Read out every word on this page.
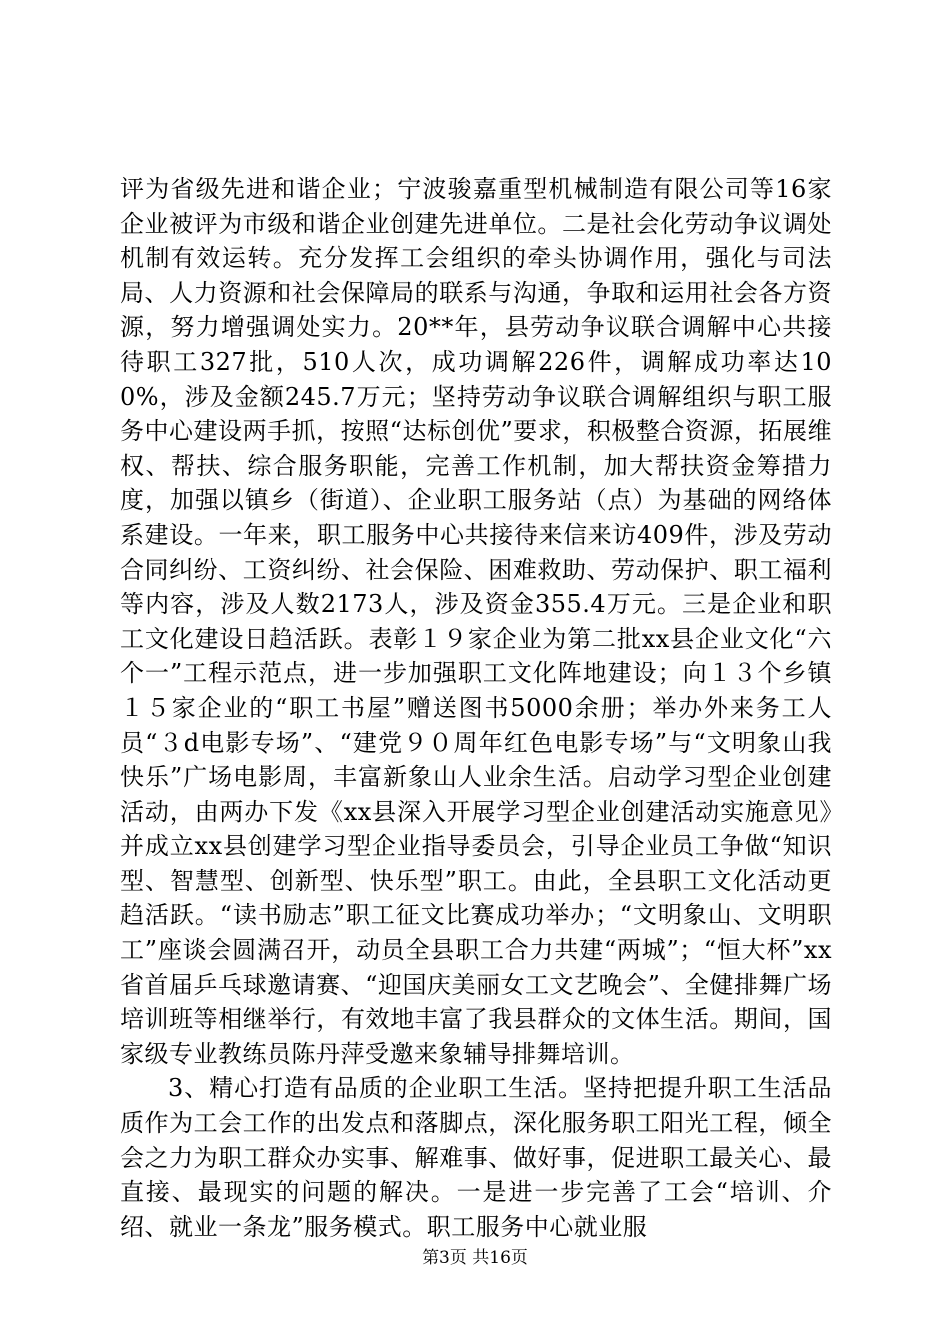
评为省级先进和谐企业；宁波骏嘉重型机械制造有限公司等16家企业被评为市级和谐企业创建先进单位。二是社会化劳动争议调处机制有效运转。充分发挥工会组织的牵头协调作用，强化与司法局、人力资源和社会保障局的联系与沟通，争取和运用社会各方资源，努力增强调处实力。20**年，县劳动争议联合调解中心共接待职工327批，510人次，成功调解226件，调解成功率达100%，涉及金额245.7万元；坚持劳动争议联合调解组织与职工服务中心建设两手抓，按照“达标创优”要求，积极整合资源，拓展维权、帮扶、综合服务职能，完善工作机制，加大帮扶资金筹措力度，加强以镇乡（街道）、企业职工服务站（点）为基础的网络体系建设。一年来，职工服务中心共接待来信来访409件，涉及劳动合同纠纷、工资纠纷、社会保险、困难救助、劳动保护、职工福利等内容，涉及人数2173人，涉及资金355.4万元。三是企业和职工文化建设日趋活跃。表彰１９家企业为第二批xx县企业文化“六个一”工程示范点，进一步加强职工文化阵地建设；向１３个乡镇１５家企业的“职工书屋”赠送图书5000余册；举办外来务工人员“３d电影专场”、“建党９０周年红色电影专场”与“文明象山我快乐”广场电影周，丰富新象山人业余生活。启动学习型企业创建活动，由两办下发《xx县深入开展学习型企业创建活动实施意见》并成立xx县创建学习型企业指导委员会，引导企业员工争做“知识型、智慧型、创新型、快乐型”职工。由此，全县职工文化活动更趋活跃。“读书励志”职工征文比赛成功举办；“文明象山、文明职工”座谈会圆满召开，动员全县职工合力共建“两城”；“恒大杯”xx省首届乒乓球邀请赛、“迎国庆美丽女工文艺晚会”、全健排舞广场培训班等相继举行，有效地丰富了我县群众的文体生活。期间，国家级专业教练员陈丹萍受邀来象辅导排舞培训。

3、精心打造有品质的企业职工生活。坚持把提升职工生活品质作为工会工作的出发点和落脚点，深化服务职工阳光工程，倾全会之力为职工群众办实事、解难事、做好事，促进职工最关心、最直接、最现实的问题的解决。一是进一步完善了工会“培训、介绍、就业一条龙”服务模式。职工服务中心就业服

第3页 共16页
